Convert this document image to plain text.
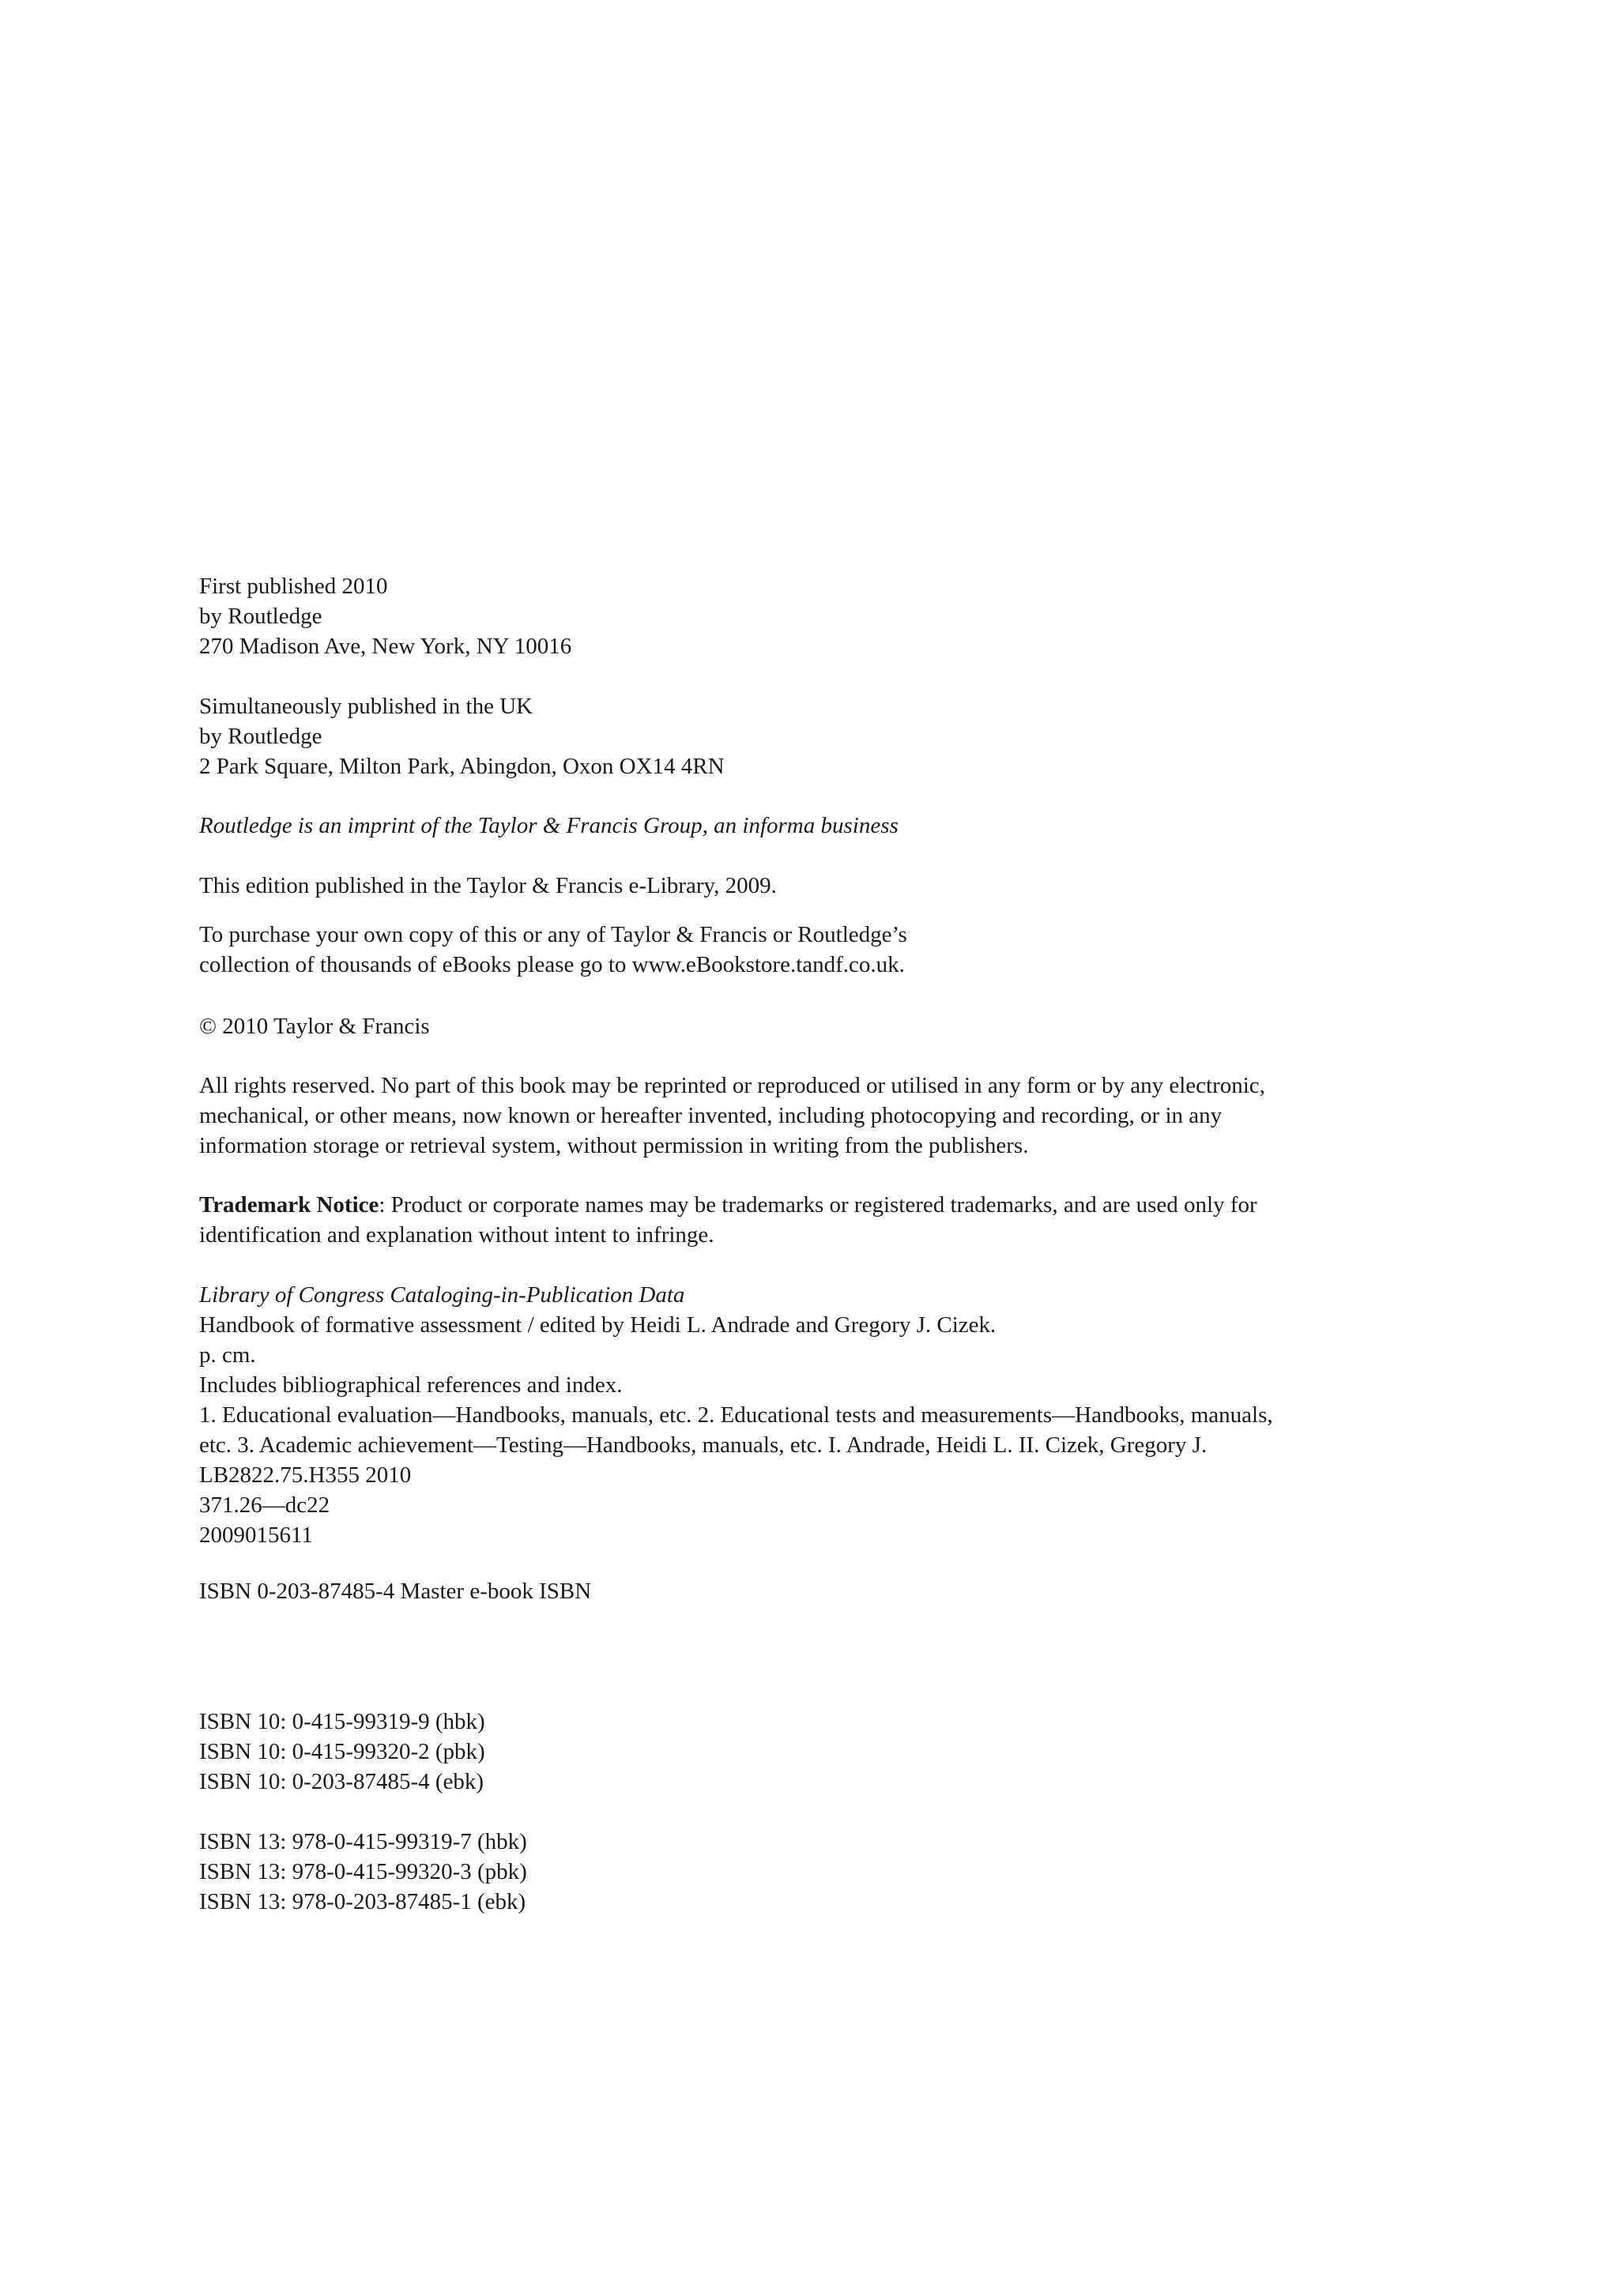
First published 2010
by Routledge
270 Madison Ave, New York, NY 10016
Simultaneously published in the UK
by Routledge
2 Park Square, Milton Park, Abingdon, Oxon OX14 4RN
Routledge is an imprint of the Taylor & Francis Group, an informa business
This edition published in the Taylor & Francis e-Library, 2009.
To purchase your own copy of this or any of Taylor & Francis or Routledge’s
collection of thousands of eBooks please go to www.eBookstore.tandf.co.uk.
© 2010 Taylor & Francis
All rights reserved. No part of this book may be reprinted or reproduced or utilised in any form or by any electronic,
mechanical, or other means, now known or hereafter invented, including photocopying and recording, or in any
information storage or retrieval system, without permission in writing from the publishers.
Trademark Notice: Product or corporate names may be trademarks or registered trademarks, and are used only for
identification and explanation without intent to infringe.
Library of Congress Cataloging-in-Publication Data
Handbook of formative assessment / edited by Heidi L. Andrade and Gregory J. Cizek.
p. cm.
Includes bibliographical references and index.
1. Educational evaluation—Handbooks, manuals, etc. 2. Educational tests and measurements—Handbooks, manuals,
etc. 3. Academic achievement—Testing—Handbooks, manuals, etc. I. Andrade, Heidi L. II. Cizek, Gregory J.
LB2822.75.H355 2010
371.26—dc22
2009015611
ISBN 0-203-87485-4 Master e-book ISBN
ISBN 10: 0-415-99319-9 (hbk)
ISBN 10: 0-415-99320-2 (pbk)
ISBN 10: 0-203-87485-4 (ebk)
ISBN 13: 978-0-415-99319-7 (hbk)
ISBN 13: 978-0-415-99320-3 (pbk)
ISBN 13: 978-0-203-87485-1 (ebk)
